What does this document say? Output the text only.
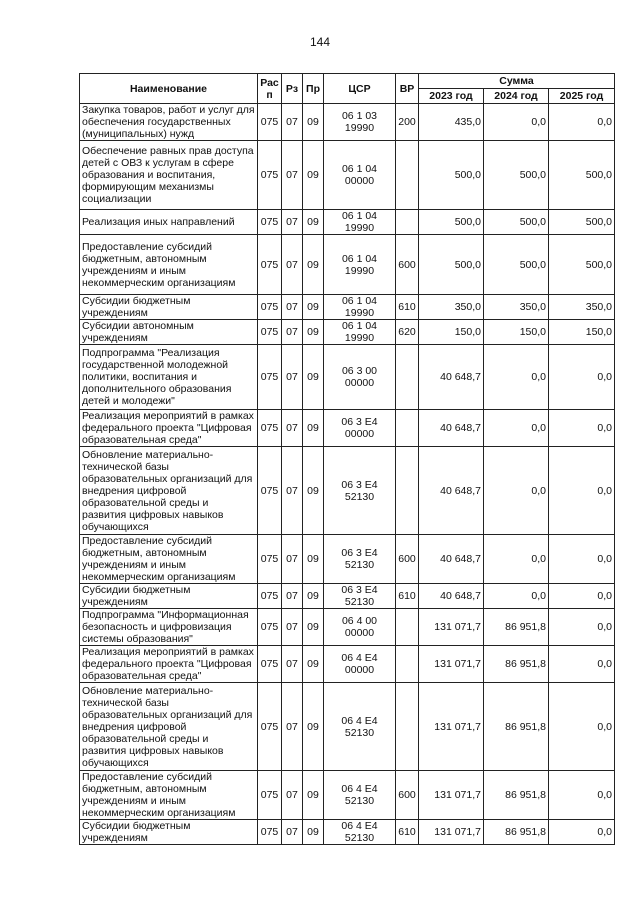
144
Наименование	Рас п	Рз	Пр	ЦСР	ВР	Сумма		
						2023 год	2024 год	2025 год
Закупка товаров, работ и услуг для обеспечения государственных (муниципальных) нужд	075	07	09	06 1 03 19990	200	435,0	0,0	0,0
Обеспечение равных прав доступа детей с ОВЗ к услугам в сфере образования и воспитания, формирующим механизмы социализации	075	07	09	06 1 04 00000		500,0	500,0	500,0
Реализация иных направлений	075	07	09	06 1 04 19990		500,0	500,0	500,0
Предоставление субсидий бюджетным, автономным учреждениям и иным некоммерческим организациям	075	07	09	06 1 04 19990	600	500,0	500,0	500,0
Субсидии бюджетным учреждениям	075	07	09	06 1 04 19990	610	350,0	350,0	350,0
Субсидии автономным учреждениям	075	07	09	06 1 04 19990	620	150,0	150,0	150,0
Подпрограмма "Реализация государственной молодежной политики, воспитания и дополнительного образования детей и молодежи"	075	07	09	06 3 00 00000		40 648,7	0,0	0,0
Реализация мероприятий в рамках федерального проекта "Цифровая образовательная среда"	075	07	09	06 3 E4 00000		40 648,7	0,0	0,0
Обновление материально-технической базы образовательных организаций для внедрения цифровой образовательной среды и развития цифровых навыков обучающихся	075	07	09	06 3 E4 52130		40 648,7	0,0	0,0
Предоставление субсидий бюджетным, автономным учреждениям и иным некоммерческим организациям	075	07	09	06 3 E4 52130	600	40 648,7	0,0	0,0
Субсидии бюджетным учреждениям	075	07	09	06 3 E4 52130	610	40 648,7	0,0	0,0
Подпрограмма "Информационная безопасность и цифровизация системы образования"	075	07	09	06 4 00 00000		131 071,7	86 951,8	0,0
Реализация мероприятий в рамках федерального проекта "Цифровая образовательная среда"	075	07	09	06 4 E4 00000		131 071,7	86 951,8	0,0
Обновление материально-технической базы образовательных организаций для внедрения цифровой образовательной среды и развития цифровых навыков обучающихся	075	07	09	06 4 E4 52130		131 071,7	86 951,8	0,0
Предоставление субсидий бюджетным, автономным учреждениям и иным некоммерческим организациям	075	07	09	06 4 E4 52130	600	131 071,7	86 951,8	0,0
Субсидии бюджетным учреждениям	075	07	09	06 4 E4 52130	610	131 071,7	86 951,8	0,0
